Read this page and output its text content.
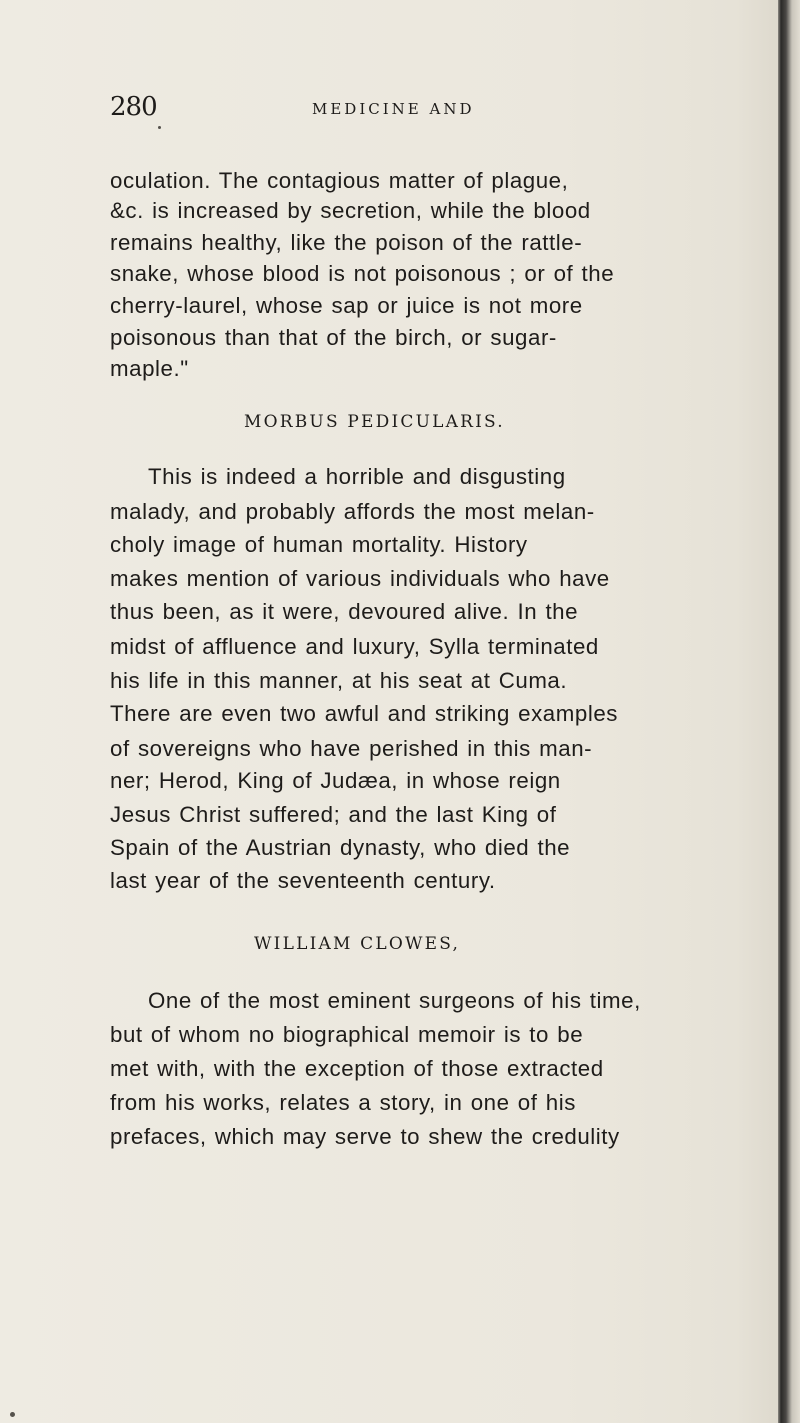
280	MEDICINE AND
oculation. The contagious matter of plague,
&c. is increased by secretion, while the blood
remains healthy, like the poison of the rattle-
snake, whose blood is not poisonous ; or of the
cherry-laurel, whose sap or juice is not more
poisonous than that of the birch, or sugar-
maple."
MORBUS PEDICULARIS.
This is indeed a horrible and disgusting
malady, and probably affords the most melan-
choly image of human mortality. History
makes mention of various individuals who have
thus been, as it were, devoured alive. In the
midst of affluence and luxury, Sylla terminated
his life in this manner, at his seat at Cuma.
There are even two awful and striking examples
of sovereigns who have perished in this man-
ner; Herod, King of Judæa, in whose reign
Jesus Christ suffered; and the last King of
Spain of the Austrian dynasty, who died the
last year of the seventeenth century.
WILLIAM CLOWES,
One of the most eminent surgeons of his time,
but of whom no biographical memoir is to be
met with, with the exception of those extracted
from his works, relates a story, in one of his
prefaces, which may serve to shew the credulity
